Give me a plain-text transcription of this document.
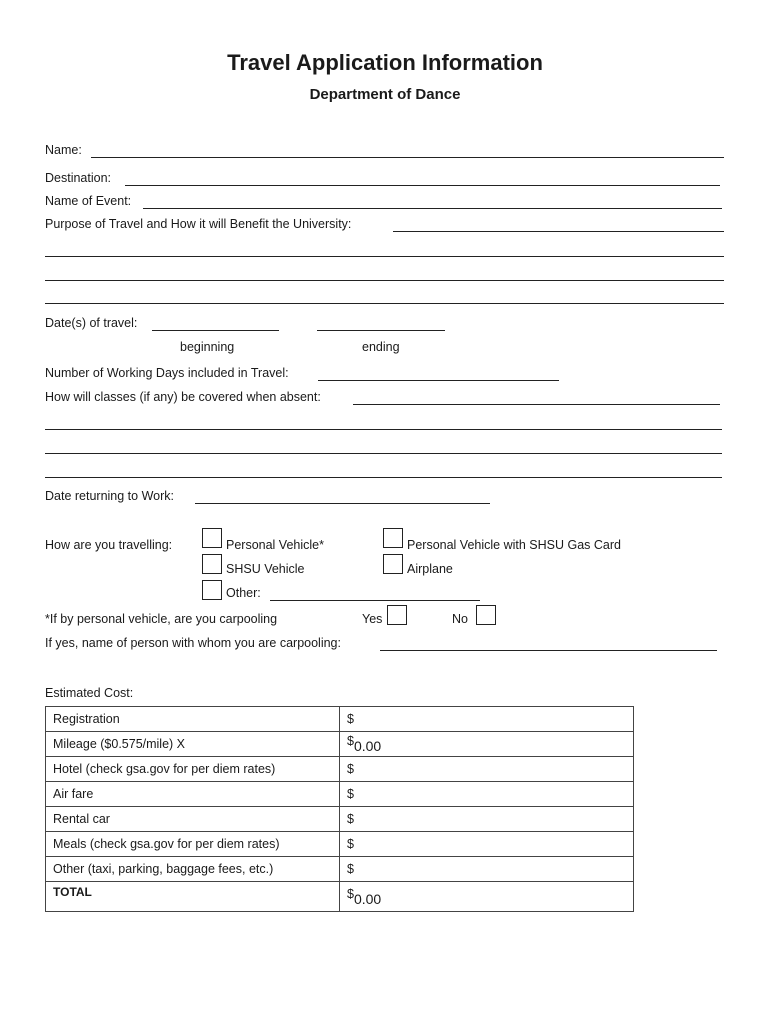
Travel Application Information
Department of Dance
Name:
Destination:
Name of Event:
Purpose of Travel and How it will Benefit the University:
Date(s) of travel:
beginning	ending
Number of Working Days included in Travel:
How will classes (if any) be covered when absent:
Date returning to Work:
How are you travelling:	Personal Vehicle*	Personal Vehicle with SHSU Gas Card
SHSU Vehicle	Airplane
Other:
*If by personal vehicle, are you carpooling	Yes	No
If yes, name of person with whom you are carpooling:
Estimated Cost:
Registration	$
Mileage ($0.575/mile) X	$0.00
Hotel (check gsa.gov for per diem rates)	$
Air fare	$
Rental car	$
Meals (check gsa.gov for per diem rates)	$
Other (taxi, parking, baggage fees, etc.)	$
TOTAL	$0.00
